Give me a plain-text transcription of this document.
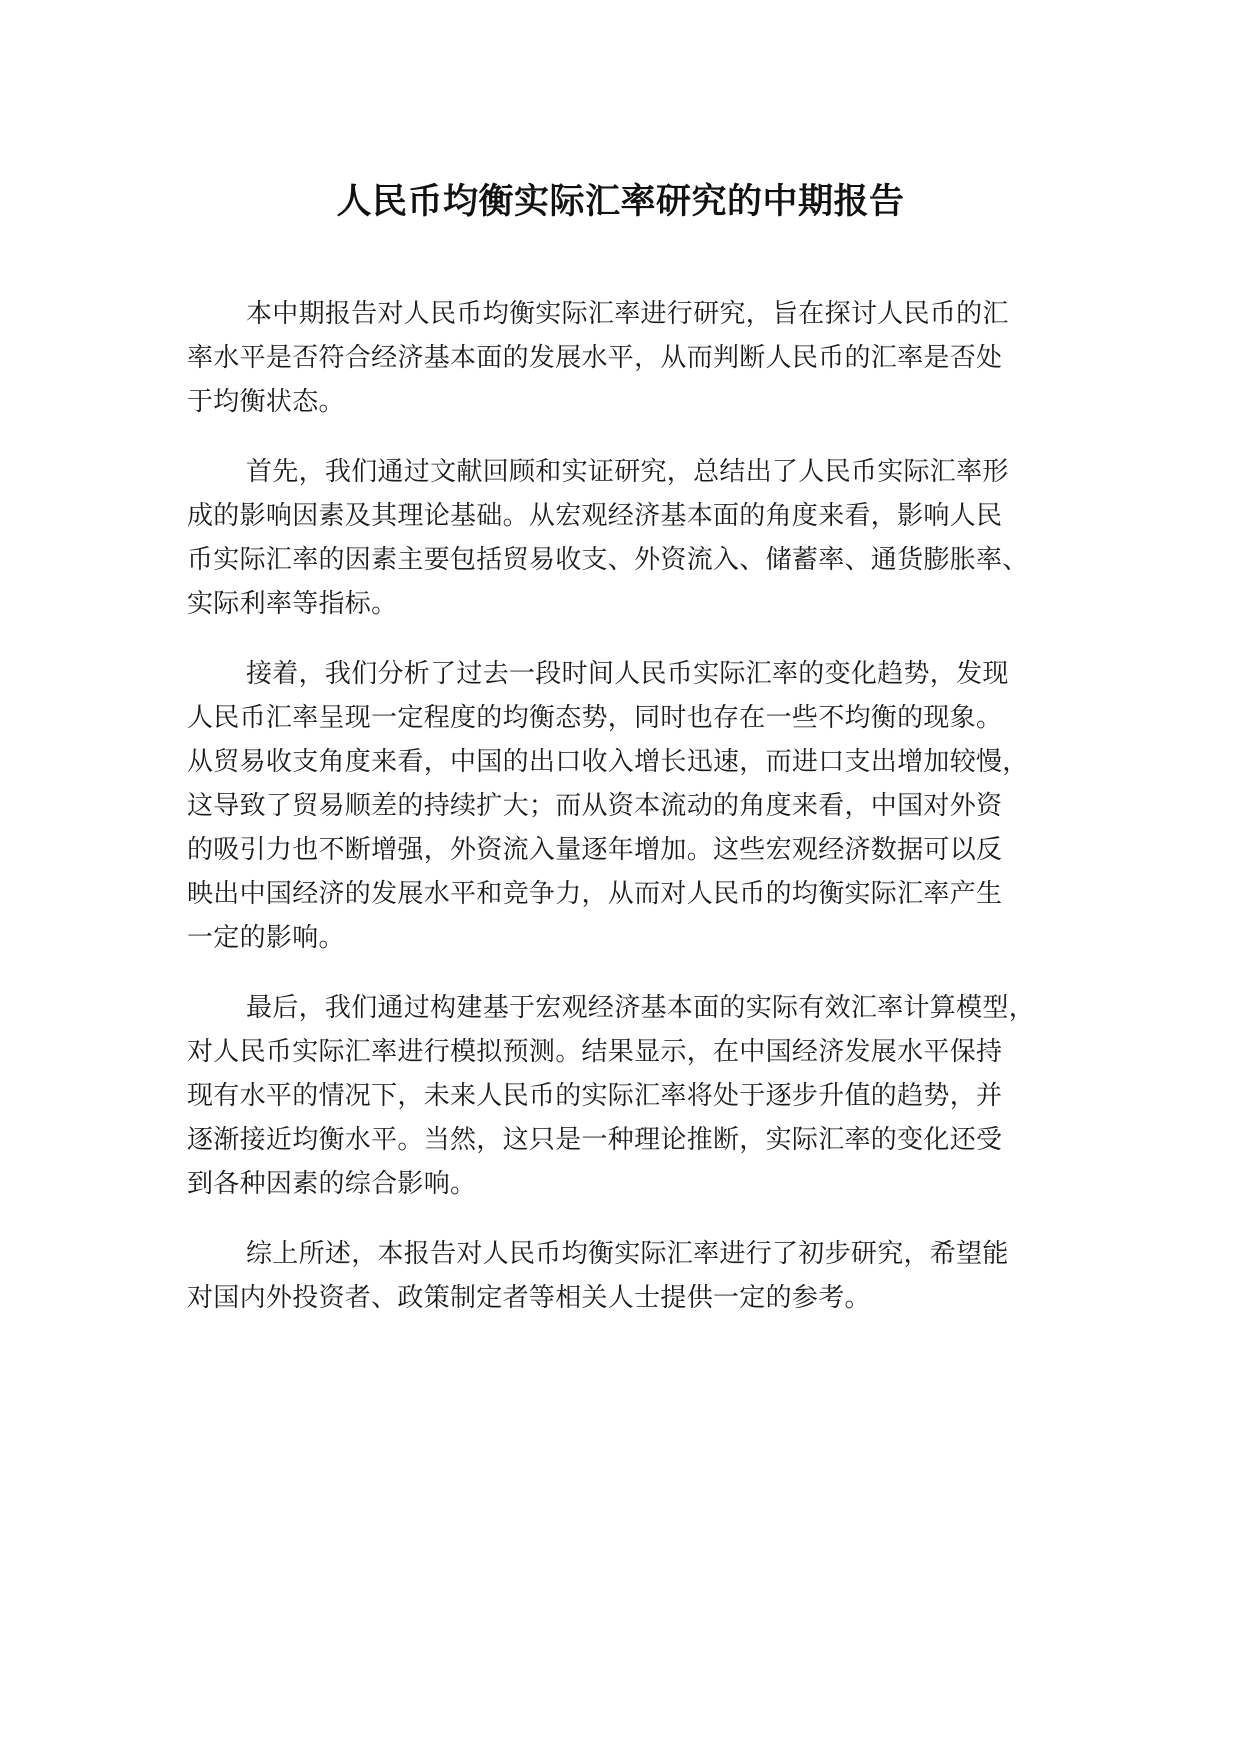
人民币均衡实际汇率研究的中期报告

本中期报告对人民币均衡实际汇率进行研究，旨在探讨人民币的汇
率水平是否符合经济基本面的发展水平，从而判断人民币的汇率是否处
于均衡状态。

首先，我们通过文献回顾和实证研究，总结出了人民币实际汇率形
成的影响因素及其理论基础。从宏观经济基本面的角度来看，影响人民
币实际汇率的因素主要包括贸易收支、外资流入、储蓄率、通货膨胀率、
实际利率等指标。

接着，我们分析了过去一段时间人民币实际汇率的变化趋势，发现
人民币汇率呈现一定程度的均衡态势，同时也存在一些不均衡的现象。
从贸易收支角度来看，中国的出口收入增长迅速，而进口支出增加较慢，
这导致了贸易顺差的持续扩大；而从资本流动的角度来看，中国对外资
的吸引力也不断增强，外资流入量逐年增加。这些宏观经济数据可以反
映出中国经济的发展水平和竞争力，从而对人民币的均衡实际汇率产生
一定的影响。

最后，我们通过构建基于宏观经济基本面的实际有效汇率计算模型，
对人民币实际汇率进行模拟预测。结果显示，在中国经济发展水平保持
现有水平的情况下，未来人民币的实际汇率将处于逐步升值的趋势，并
逐渐接近均衡水平。当然，这只是一种理论推断，实际汇率的变化还受
到各种因素的综合影响。

综上所述，本报告对人民币均衡实际汇率进行了初步研究，希望能
对国内外投资者、政策制定者等相关人士提供一定的参考。
